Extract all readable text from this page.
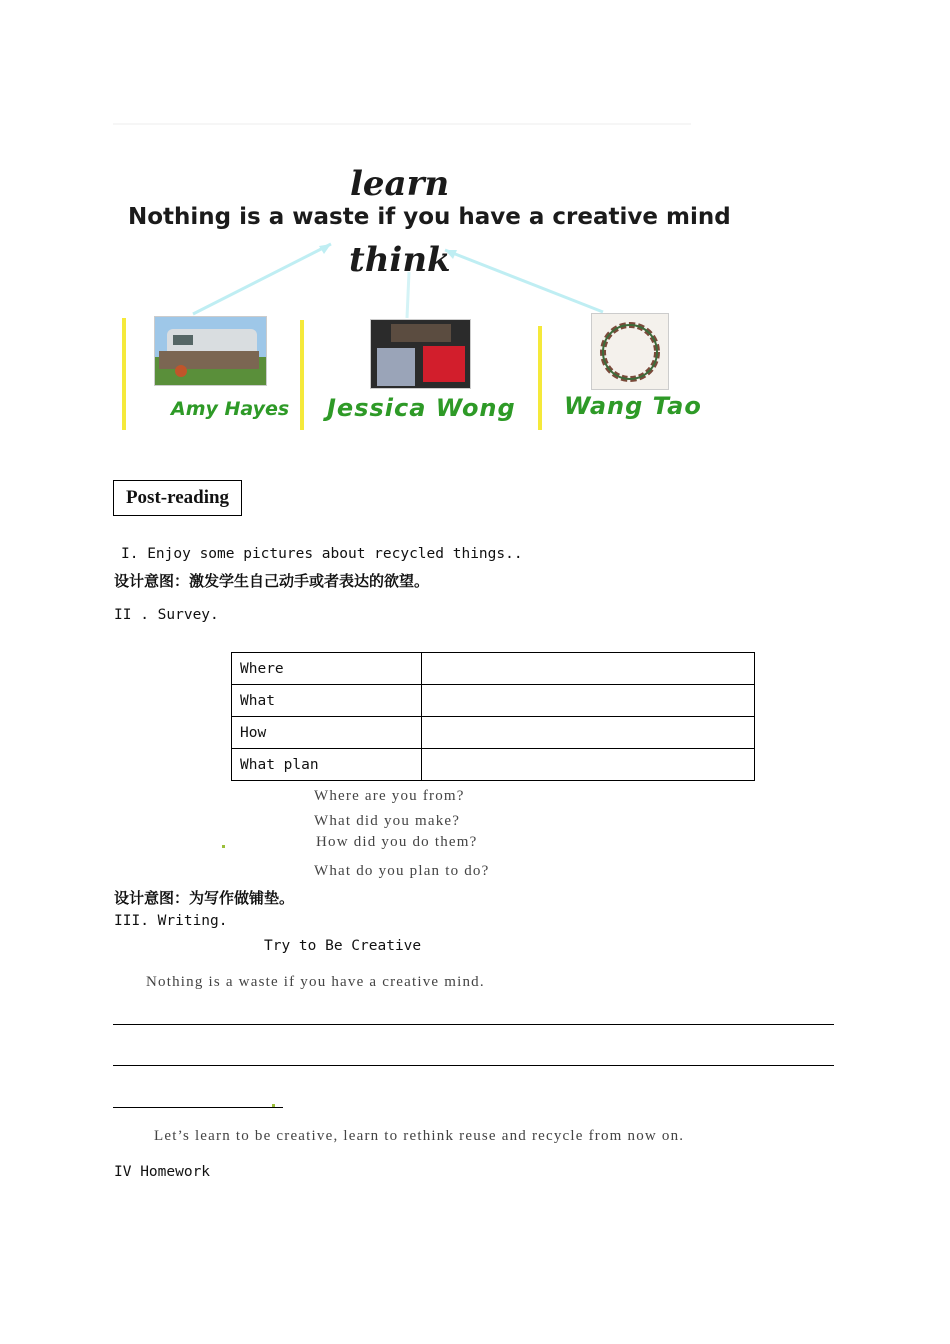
learn
Nothing is a waste if you have a creative mind
think
Amy Hayes Jessica Wong Wang Tao
Post-reading
I. Enjoy some pictures about recycled things..
设计意图：激发学生自己动手或者表达的欲望。
II . Survey.
Where	
What	
How	
What plan	
Where are you from?
What did you make?
How did you do them?
What do you plan to do?
设计意图：为写作做铺垫。
III. Writing.
Try to Be Creative
Nothing is a waste if you have a creative mind.
Let’s learn to be creative, learn to rethink reuse and recycle from now on.
IV Homework
